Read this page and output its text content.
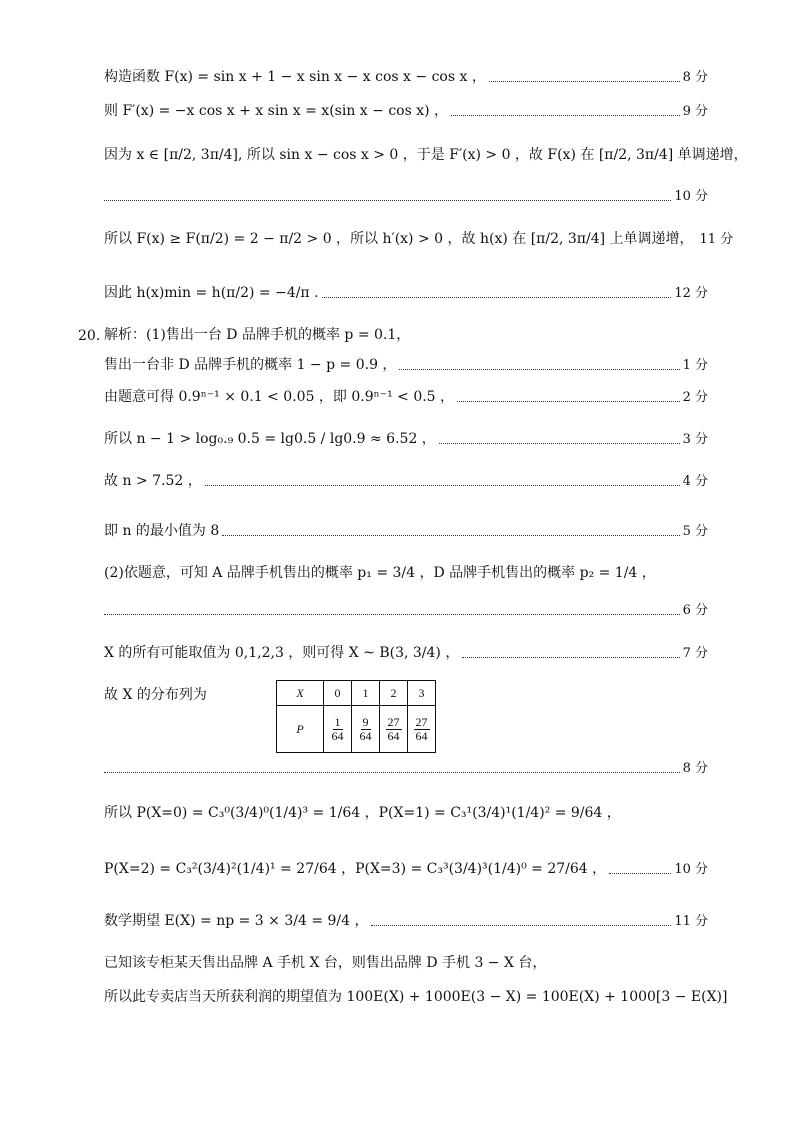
构造函数 F(x) = sin x + 1 − x sin x − x cos x − cos x ，	8 分
则 F′(x) = −x cos x + x sin x = x(sin x − cos x) ，	9 分
因为 x ∈ [π/2, 3π/4], 所以 sin x − cos x > 0 ，于是 F′(x) > 0 ，故 F(x) 在 [π/2, 3π/4] 单调递增，
10 分
所以 F(x) ≥ F(π/2) = 2 − π/2 > 0 ，所以 h′(x) > 0 ，故 h(x) 在 [π/2, 3π/4] 上单调递增， 11 分
因此 h(x)min = h(π/2) = −4/π .	12 分
20. 解析：(1)售出一台 D 品牌手机的概率 p = 0.1，
售出一台非 D 品牌手机的概率 1 − p = 0.9 ，	1 分
由题意可得 0.9ⁿ⁻¹ × 0.1 < 0.05 ，即 0.9ⁿ⁻¹ < 0.5 ，	2 分
所以 n − 1 > log₀.₉ 0.5 = lg0.5 / lg0.9 ≈ 6.52 ，	3 分
故 n > 7.52 ，	4 分
即 n 的最小值为 8	5 分
(2)依题意，可知 A 品牌手机售出的概率 p₁ = 3/4 ，D 品牌手机售出的概率 p₂ = 1/4 ，
6 分
X 的所有可能取值为 0,1,2,3 ，则可得 X ~ B(3, 3/4) ，	7 分
故 X 的分布列为	X	0	1	2	3
P	$\frac{1}{64}$	$\frac{9}{64}$	$\frac{27}{64}$	$\frac{27}{64}$
8 分
所以 P(X=0) = C₃⁰(3/4)⁰(1/4)³ = 1/64 ，P(X=1) = C₃¹(3/4)¹(1/4)² = 9/64 ，
P(X=2) = C₃²(3/4)²(1/4)¹ = 27/64 ，P(X=3) = C₃³(3/4)³(1/4)⁰ = 27/64 ，	10 分
数学期望 E(X) = np = 3 × 3/4 = 9/4 ，	11 分
已知该专柜某天售出品牌 A 手机 X 台，则售出品牌 D 手机 3 − X 台，
所以此专卖店当天所获利润的期望值为 100E(X) + 1000E(3 − X) = 100E(X) + 1000[3 − E(X)]
